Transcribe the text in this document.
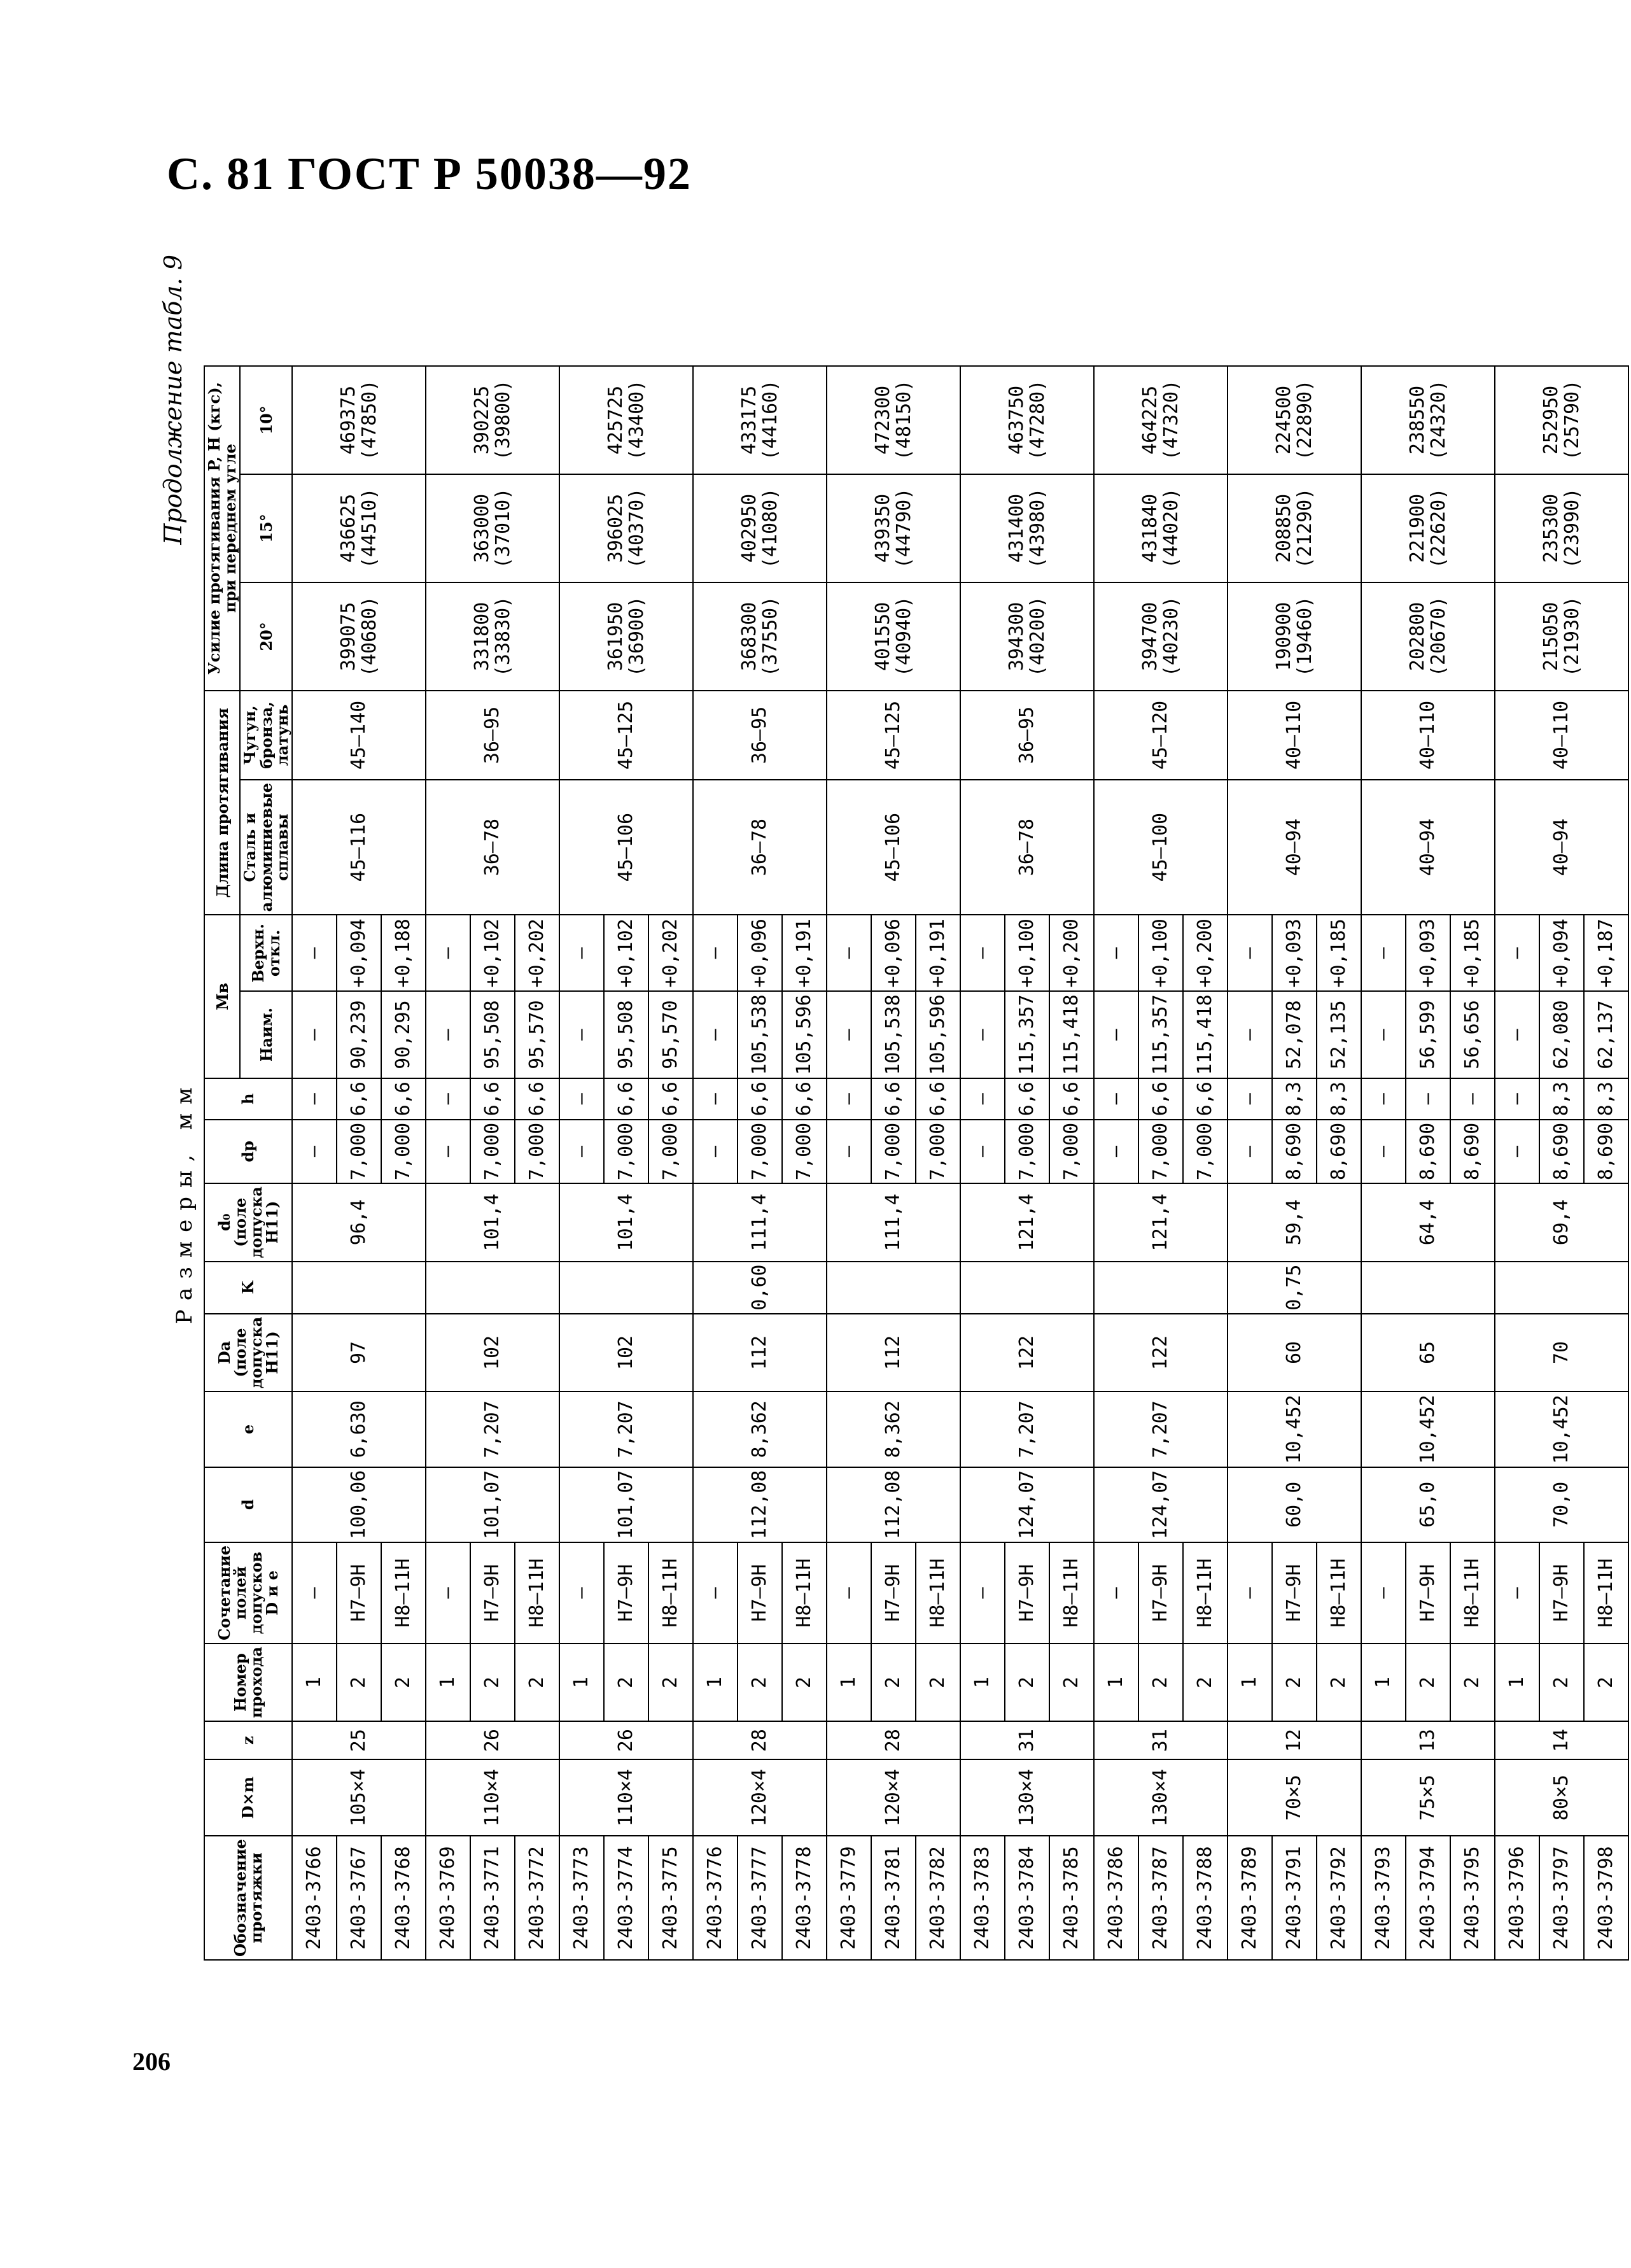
С. 81 ГОСТ Р 50038—92
206
Продолжение табл. 9
Размеры, мм
Обозначение протяжки	D×m	z	Номер прохода	Сочетание полей допусков D и e	d	e	Da (поле допуска H11)	K	d₀ (поле допуска H11)	dp	h	Mв		Длина протягивания		Усилие протягивания P, Н (кгс), при переднем угле		
												Наим.	Верхн. откл.	Сталь и алюминиевые сплавы	Чугун, бронза, латунь	20°	15°	10°
2403-3766	105×4	25	1	—	100,06	6,630	97		96,4	—	—	—	—	45—116	45—140	399075 (40680)	436625 (44510)	469375 (47850)
2403-3767			2	H7—9H						7,000	6,6	90,239	+0,094					
2403-3768			2	H8—11H						7,000	6,6	90,295	+0,188					
2403-3769	110×4	26	1	—	101,07	7,207	102		101,4	—	—	—	—	36—78	36—95	331800 (33830)	363000 (37010)	390225 (39800)
2403-3771			2	H7—9H						7,000	6,6	95,508	+0,102					
2403-3772			2	H8—11H						7,000	6,6	95,570	+0,202					
2403-3773	110×4	26	1	—	101,07	7,207	102		101,4	—	—	—	—	45—106	45—125	361950 (36900)	396025 (40370)	425725 (43400)
2403-3774			2	H7—9H						7,000	6,6	95,508	+0,102					
2403-3775			2	H8—11H						7,000	6,6	95,570	+0,202					
2403-3776	120×4	28	1	—	112,08	8,362	112	0,60	111,4	—	—	—	—	36—78	36—95	368300 (37550)	402950 (41080)	433175 (44160)
2403-3777			2	H7—9H						7,000	6,6	105,538	+0,096					
2403-3778			2	H8—11H						7,000	6,6	105,596	+0,191					
2403-3779	120×4	28	1	—	112,08	8,362	112		111,4	—	—	—	—	45—106	45—125	401550 (40940)	439350 (44790)	472300 (48150)
2403-3781			2	H7—9H						7,000	6,6	105,538	+0,096					
2403-3782			2	H8—11H						7,000	6,6	105,596	+0,191					
2403-3783	130×4	31	1	—	124,07	7,207	122		121,4	—	—	—	—	36—78	36—95	394300 (40200)	431400 (43980)	463750 (47280)
2403-3784			2	H7—9H						7,000	6,6	115,357	+0,100					
2403-3785			2	H8—11H						7,000	6,6	115,418	+0,200					
2403-3786	130×4	31	1	—	124,07	7,207	122		121,4	—	—	—	—	45—100	45—120	394700 (40230)	431840 (44020)	464225 (47320)
2403-3787			2	H7—9H						7,000	6,6	115,357	+0,100					
2403-3788			2	H8—11H						7,000	6,6	115,418	+0,200					
2403-3789	70×5	12	1	—	60,0	10,452	60	0,75	59,4	—	—	—	—	40—94	40—110	190900 (19460)	208850 (21290)	224500 (22890)
2403-3791			2	H7—9H						8,690	8,3	52,078	+0,093					
2403-3792			2	H8—11H						8,690	8,3	52,135	+0,185					
2403-3793	75×5	13	1	—	65,0	10,452	65		64,4	—	—	—	—	40—94	40—110	202800 (20670)	221900 (22620)	238550 (24320)
2403-3794			2	H7—9H						8,690	—	56,599	+0,093					
2403-3795			2	H8—11H						8,690	—	56,656	+0,185					
2403-3796	80×5	14	1	—	70,0	10,452	70		69,4	—	—	—	—	40—94	40—110	215050 (21930)	235300 (23990)	252950 (25790)
2403-3797			2	H7—9H						8,690	8,3	62,080	+0,094					
2403-3798			2	H8—11H						8,690	8,3	62,137	+0,187					
